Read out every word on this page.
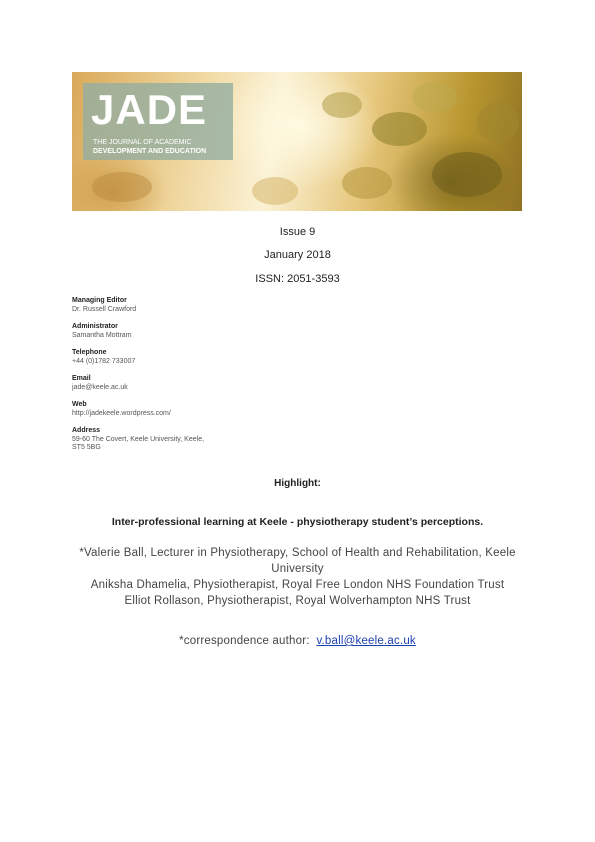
JADE
THE JOURNAL OF ACADEMIC
DEVELOPMENT AND EDUCATION
Issue 9
January 2018
ISSN: 2051-3593
Managing Editor
Dr. Russell Crawford
Administrator
Samantha Mottram
Telephone
+44 (0)1782 733007
Email
jade@keele.ac.uk
Web
http://jadekeele.wordpress.com/
Address
59-60 The Covert, Keele University, Keele,
ST5 5BG
Highlight:
Inter-professional learning at Keele - physiotherapy student’s perceptions.
*Valerie Ball, Lecturer in Physiotherapy, School of Health and Rehabilitation, Keele
University
Aniksha Dhamelia, Physiotherapist, Royal Free London NHS Foundation Trust
Elliot Rollason, Physiotherapist, Royal Wolverhampton NHS Trust
*correspondence author: v.ball@keele.ac.uk
